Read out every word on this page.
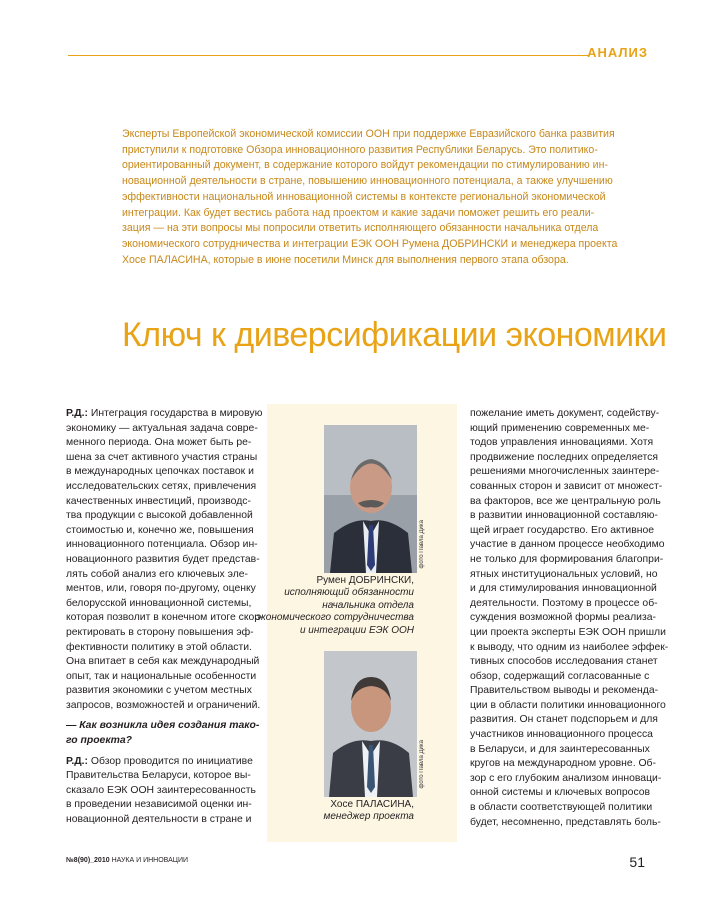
АНАЛИЗ

Эксперты Европейской экономической комиссии ООН при поддержке Евразийского банка развития

приступили к подготовке Обзора инновационного развития Республики Беларусь. Это политико-

ориентированный документ, в содержание которого войдут рекомендации по стимулированию ин-

новационной деятельности в стране, повышению инновационного потенциала, а также улучшению

эффективности национальной инновационной системы в контексте региональной экономической

интеграции. Как будет вестись работа над проектом и какие задачи поможет решить его реали-

зация — на эти вопросы мы попросили ответить исполняющего обязанности начальника отдела

экономического сотрудничества и интеграции ЕЭК ООН Румена ДОБРИНСКИ и менеджера проекта

Хосе ПАЛАСИНА, которые в июне посетили Минск для выполнения первого этапа обзора.

Ключ к диверсификации экономики

Р.Д.: Интеграция государства в мировую

экономику — актуальная задача совре-

менного периода. Она может быть ре-

шена за счет активного участия страны

в международных цепочках поставок и

исследовательских сетях, привлечения

качественных инвестиций, производс-

тва продукции с высокой добавленной

стоимостью и, конечно же, повышения

инновационного потенциала. Обзор ин-

новационного развития будет представ-

лять собой анализ его ключевых эле-

ментов, или, говоря по-другому, оценку

белорусской инновационной системы,

которая позволит в конечном итоге скор-

ректировать в сторону повышения эф-

фективности политику в этой области.

Она впитает в себя как международный

опыт, так и национальные особенности

развития экономики с учетом местных

запросов, возможностей и ограничений.

— Как возникла идея создания тако-

го проекта?

Р.Д.: Обзор проводится по инициативе

Правительства Беларуси, которое вы-

сказало ЕЭК ООН заинтересованность

в проведении независимой оценки ин-

новационной деятельности в стране и

фото Павла Дика
Румен ДОБРИНСКИ,
исполняющий обязанности
начальника отдела
экономического сотрудничества
и интеграции ЕЭК ООН
фото Павла Дика
Хосе ПАЛАСИНА,
менеджер проекта

пожелание иметь документ, содейству-

ющий применению современных ме-

тодов управления инновациями. Хотя

продвижение последних определяется

решениями многочисленных заинтере-

сованных сторон и зависит от множест-

ва факторов, все же центральную роль

в развитии инновационной составляю-

щей играет государство. Его активное

участие в данном процессе необходимо

не только для формирования благопри-

ятных институциональных условий, но

и для стимулирования инновационной

деятельности. Поэтому в процессе об-

суждения возможной формы реализа-

ции проекта эксперты ЕЭК ООН пришли

к выводу, что одним из наиболее эффек-

тивных способов исследования станет

обзор, содержащий согласованные с

Правительством выводы и рекоменда-

ции в области политики инновационного

развития. Он станет подспорьем и для

участников инновационного процесса

в Беларуси, и для заинтересованных

кругов на международном уровне. Об-

зор с его глубоким анализом инноваци-

онной системы и ключевых вопросов

в области соответствующей политики

будет, несомненно, представлять боль-

№8(90)_2010 НАУКА И ИННОВАЦИИ	51
